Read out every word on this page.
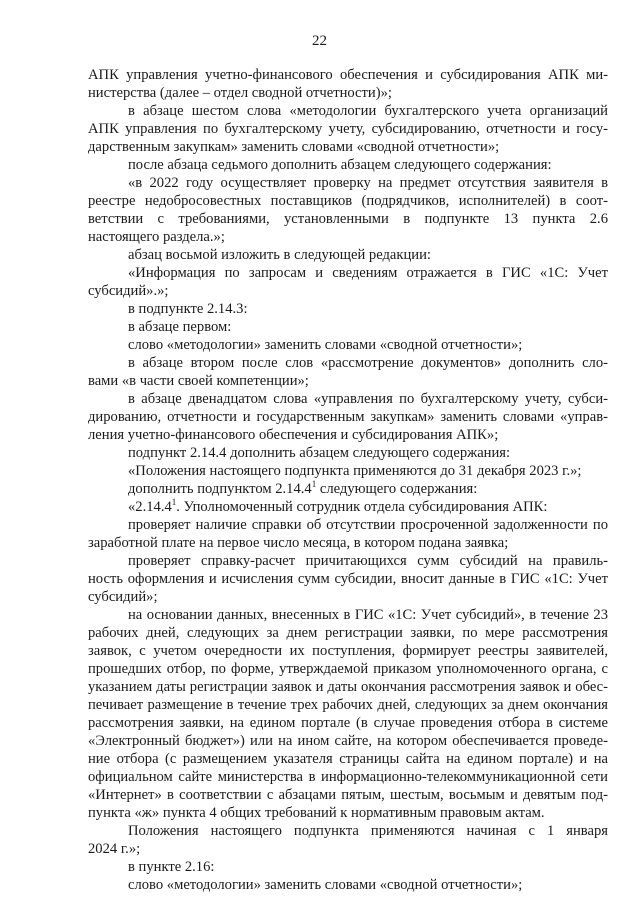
22
АПК управления учетно-финансового обеспечения и субсидирования АПК ми-
нистерства (далее – отдел сводной отчетности)»;
в абзаце шестом слова «методологии бухгалтерского учета организаций
АПК управления по бухгалтерскому учету, субсидированию, отчетности и госу-
дарственным закупкам» заменить словами «сводной отчетности»;
после абзаца седьмого дополнить абзацем следующего содержания:
«в 2022 году осуществляет проверку на предмет отсутствия заявителя в
реестре недобросовестных поставщиков (подрядчиков, исполнителей) в соот-
ветствии с требованиями, установленными в подпункте 13 пункта 2.6
настоящего раздела.»;
абзац восьмой изложить в следующей редакции:
«Информация по запросам и сведениям отражается в ГИС «1С: Учет
субсидий».»;
в подпункте 2.14.3:
в абзаце первом:
слово «методологии» заменить словами «сводной отчетности»;
в абзаце втором после слов «рассмотрение документов» дополнить сло-
вами «в части своей компетенции»;
в абзаце двенадцатом слова «управления по бухгалтерскому учету, субси-
дированию, отчетности и государственным закупкам» заменить словами «управ-
ления учетно-финансового обеспечения и субсидирования АПК»;
подпункт 2.14.4 дополнить абзацем следующего содержания:
«Положения настоящего подпункта применяются до 31 декабря 2023 г.»;
дополнить подпунктом 2.14.4$^1$ следующего содержания:
«2.14.4$^1$. Уполномоченный сотрудник отдела субсидирования АПК:
проверяет наличие справки об отсутствии просроченной задолженности по
заработной плате на первое число месяца, в котором подана заявка;
проверяет справку-расчет причитающихся сумм субсидий на правиль-
ность оформления и исчисления сумм субсидии, вносит данные в ГИС «1С: Учет
субсидий»;
на основании данных, внесенных в ГИС «1С: Учет субсидий», в течение 23
рабочих дней, следующих за днем регистрации заявки, по мере рассмотрения
заявок, с учетом очередности их поступления, формирует реестры заявителей,
прошедших отбор, по форме, утверждаемой приказом уполномоченного органа, с
указанием даты регистрации заявок и даты окончания рассмотрения заявок и обес-
печивает размещение в течение трех рабочих дней, следующих за днем окончания
рассмотрения заявки, на едином портале (в случае проведения отбора в системе
«Электронный бюджет») или на ином сайте, на котором обеспечивается проведе-
ние отбора (с размещением указателя страницы сайта на едином портале) и на
официальном сайте министерства в информационно-телекоммуникационной сети
«Интернет» в соответствии с абзацами пятым, шестым, восьмым и девятым под-
пункта «ж» пункта 4 общих требований к нормативным правовым актам.
Положения настоящего подпункта применяются начиная с 1 января
2024 г.»;
в пункте 2.16:
слово «методологии» заменить словами «сводной отчетности»;
